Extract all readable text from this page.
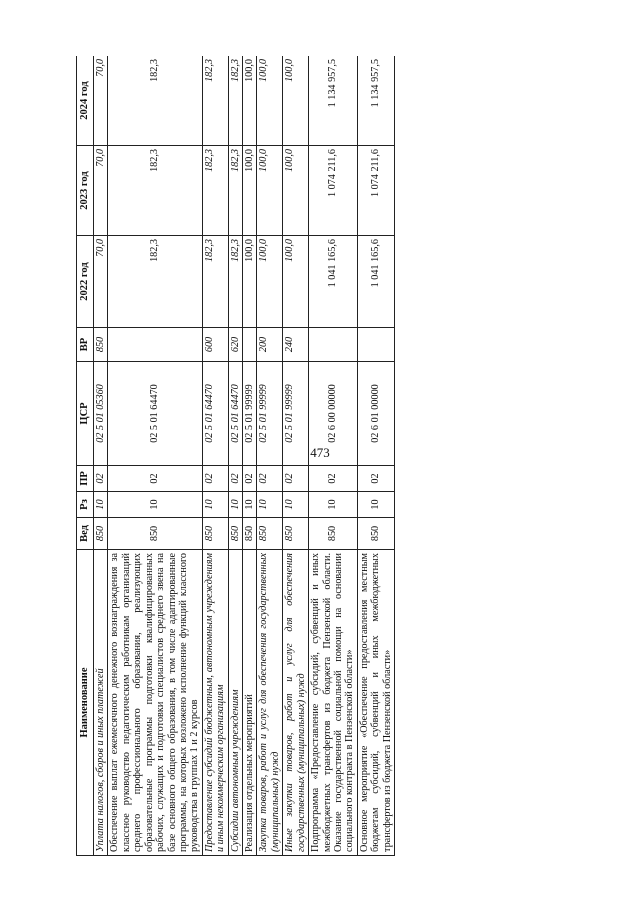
473
Наименование	Вед	Рз	ПР	ЦСР	ВР	2022 год	2023 год	2024 год
Уплата налогов, сборов и иных платежей	850	10	02	02 5 01 05360	850	70,0	70,0	70,0
Обеспечение выплат ежемесячного денежного вознаграждения за классное руководство педагогическим работникам организаций среднего профессионального образования, реализующих образовательные программы подготовки квалифицированных рабочих, служащих и подготовки специалистов среднего звена на базе основного общего образования, в том числе адаптированные программы, на которых возложено исполнение функций классного руководства в группах 1 и 2 курсов	850	10	02	02 5 01 64470		182,3	182,3	182,3
Предоставление субсидий бюджетным, автономным учреждениям и иным некоммерческим организациям	850	10	02	02 5 01 64470	600	182,3	182,3	182,3
Субсидии автономным учреждениям	850	10	02	02 5 01 64470	620	182,3	182,3	182,3
Реализация отдельных мероприятий	850	10	02	02 5 01 99999		100,0	100,0	100,0
Закупка товаров, работ и услуг для обеспечения государственных (муниципальных) нужд	850	10	02	02 5 01 99999	200	100,0	100,0	100,0
Иные закупки товаров, работ и услуг для обеспечения государственных (муниципальных) нужд	850	10	02	02 5 01 99999	240	100,0	100,0	100,0
Подпрограмма «Предоставление субсидий, субвенций и иных межбюджетных трансфертов из бюджета Пензенской области. Оказание государственной социальной помощи на основании социального контракта в Пензенской области»	850	10	02	02 6 00 00000		1 041 165,6	1 074 211,6	1 134 957,5
Основное мероприятие «Обеспечение предоставления местным бюджетам субсидий, субвенций и иных межбюджетных трансфертов из бюджета Пензенской области»	850	10	02	02 6 01 00000		1 041 165,6	1 074 211,6	1 134 957,5
